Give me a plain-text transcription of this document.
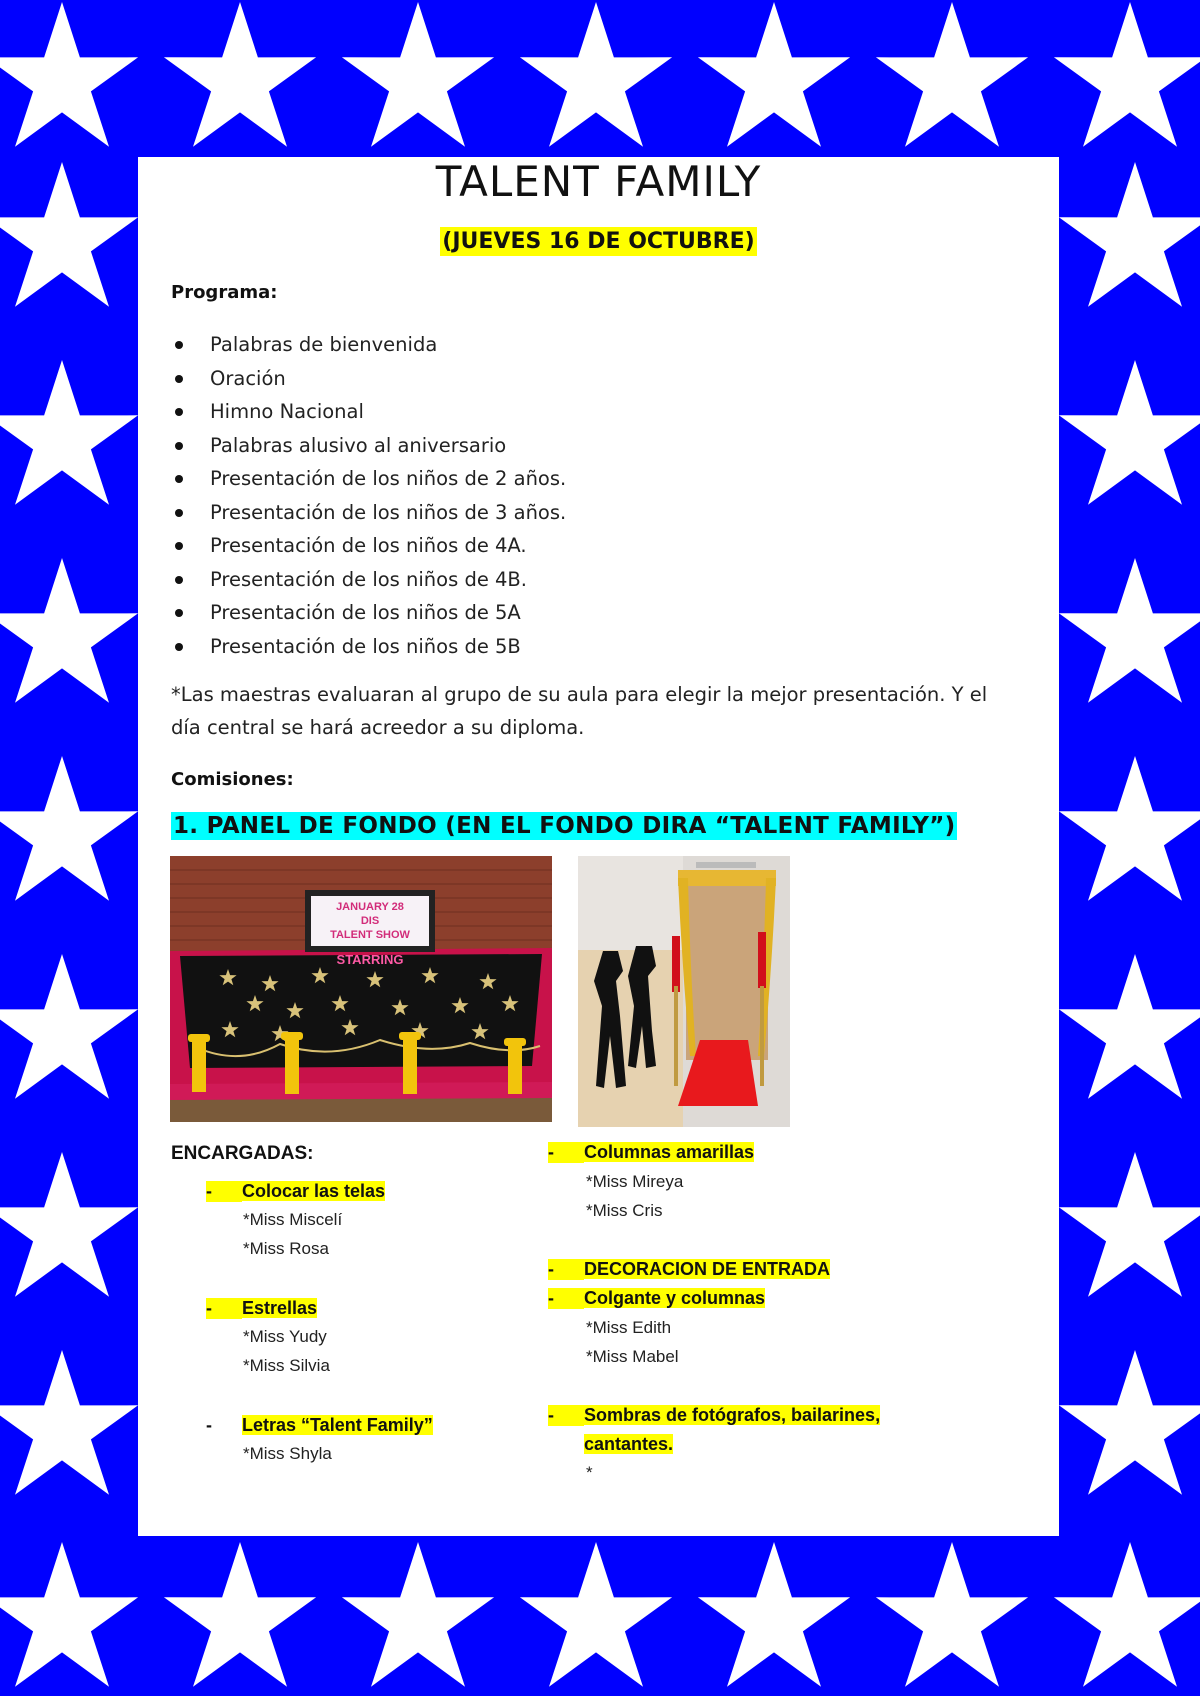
TALENT FAMILY
(JUEVES 16 DE OCTUBRE)
Programa:
Palabras de bienvenida
Oración
Himno Nacional
Palabras alusivo al aniversario
Presentación de los niños de 2 años.
Presentación de los niños de 3 años.
Presentación de los niños de 4A.
Presentación de los niños de 4B.
Presentación de los niños de 5A
Presentación de los niños de 5B
*Las maestras evaluaran al grupo de su aula para elegir la mejor presentación. Y el
día central se hará acreedor a su diploma.
Comisiones:
1. PANEL DE FONDO (EN EL FONDO DIRA “TALENT FAMILY”)
JANUARY 28
DIS
TALENT SHOW
STARRING
ENCARGADAS:
- Colocar las telas
*Miss Miscelí
*Miss Rosa
- Estrellas
*Miss Yudy
*Miss Silvia
- Letras “Talent Family”
*Miss Shyla
- Columnas amarillas
*Miss Mireya
*Miss Cris
- DECORACION DE ENTRADA
- Colgante y columnas
*Miss Edith
*Miss Mabel
- Sombras de fotógrafos, bailarines,
cantantes.
*
